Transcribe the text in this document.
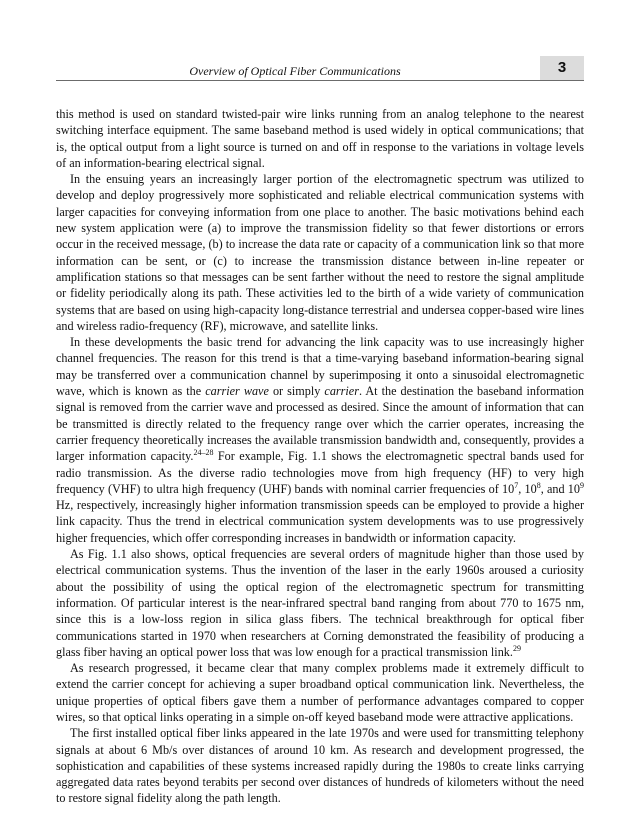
Overview of Optical Fiber Communications	3

this method is used on standard twisted-pair wire links running from an analog telephone to the nearest switching interface equipment. The same baseband method is used widely in optical communications; that is, the optical output from a light source is turned on and off in response to the variations in voltage levels of an information-bearing electrical signal.

In the ensuing years an increasingly larger portion of the electromagnetic spectrum was utilized to develop and deploy progressively more sophisticated and reliable electrical communication systems with larger capacities for conveying information from one place to another. The basic motivations behind each new system application were (a) to improve the transmission fidelity so that fewer distortions or errors occur in the received message, (b) to increase the data rate or capacity of a communication link so that more information can be sent, or (c) to increase the transmission distance between in-line repeater or amplification stations so that messages can be sent farther without the need to restore the signal amplitude or fidelity periodically along its path. These activities led to the birth of a wide variety of communication systems that are based on using high-capacity long-distance terrestrial and undersea copper-based wire lines and wireless radio-frequency (RF), microwave, and satellite links.

In these developments the basic trend for advancing the link capacity was to use increasingly higher channel frequencies. The reason for this trend is that a time-varying baseband information-bearing signal may be transferred over a communication channel by superimposing it onto a sinusoidal electromagnetic wave, which is known as the carrier wave or simply carrier. At the destination the baseband information signal is removed from the carrier wave and processed as desired. Since the amount of information that can be transmitted is directly related to the frequency range over which the carrier operates, increasing the carrier frequency theoretically increases the available transmission bandwidth and, consequently, provides a larger information capacity.$^{24-28}$ For example, Fig. 1.1 shows the electromagnetic spectral bands used for radio transmission. As the diverse radio technologies move from high frequency (HF) to very high frequency (VHF) to ultra high frequency (UHF) bands with nominal carrier frequencies of $10^7$, $10^8$, and $10^9$ Hz, respectively, increasingly higher information transmission speeds can be employed to provide a higher link capacity. Thus the trend in electrical communication system developments was to use progressively higher frequencies, which offer corresponding increases in bandwidth or information capacity.

As Fig. 1.1 also shows, optical frequencies are several orders of magnitude higher than those used by electrical communication systems. Thus the invention of the laser in the early 1960s aroused a curiosity about the possibility of using the optical region of the electromagnetic spectrum for transmitting information. Of particular interest is the near-infrared spectral band ranging from about 770 to 1675 nm, since this is a low-loss region in silica glass fibers. The technical breakthrough for optical fiber communications started in 1970 when researchers at Corning demonstrated the feasibility of producing a glass fiber having an optical power loss that was low enough for a practical transmission link.$^{29}$

As research progressed, it became clear that many complex problems made it extremely difficult to extend the carrier concept for achieving a super broadband optical communication link. Nevertheless, the unique properties of optical fibers gave them a number of performance advantages compared to copper wires, so that optical links operating in a simple on-off keyed baseband mode were attractive applications.

The first installed optical fiber links appeared in the late 1970s and were used for transmitting telephony signals at about 6 Mb/s over distances of around 10 km. As research and development progressed, the sophistication and capabilities of these systems increased rapidly during the 1980s to create links carrying aggregated data rates beyond terabits per second over distances of hundreds of kilometers without the need to restore signal fidelity along the path length.
